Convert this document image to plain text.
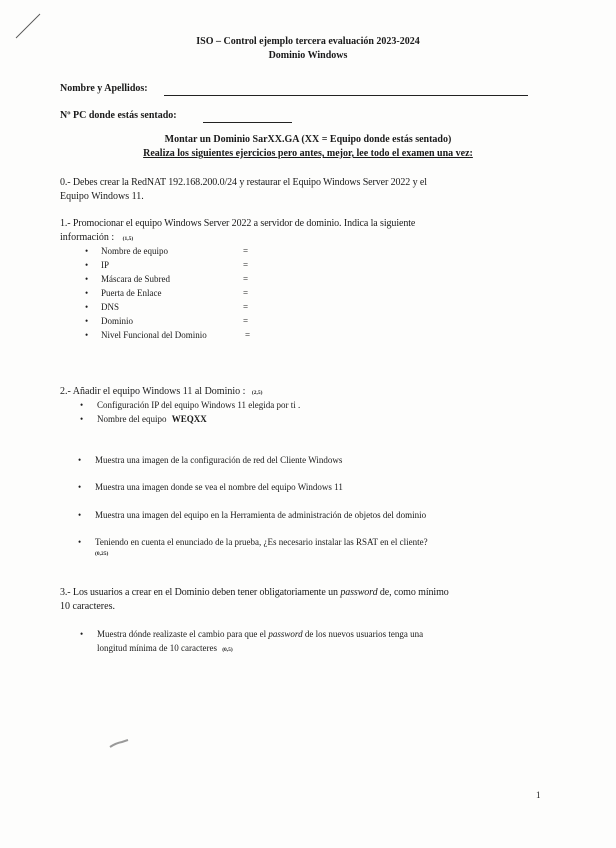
ISO – Control ejemplo tercera evaluación 2023-2024
Dominio Windows
Nombre y Apellidos:
Nº PC donde estás sentado:
Montar un Dominio SarXX.GA (XX = Equipo donde estás sentado)
Realiza los siguientes ejercicios pero antes, mejor, lee todo el examen una vez:
0.- Debes crear la RedNAT 192.168.200.0/24 y restaurar el Equipo Windows Server 2022 y el
Equipo Windows 11.
1.- Promocionar el equipo Windows Server 2022 a servidor de dominio. Indica la siguiente
información : (1,5)
• Nombre de equipo	=
• IP	=
• Máscara de Subred	=
• Puerta de Enlace	=
• DNS	=
• Dominio	=
• Nivel Funcional del Dominio	=
2.- Añadir el equipo Windows 11 al Dominio : (2,5)
• Configuración IP del equipo Windows 11 elegida por ti .
• Nombre del equipo WEQXX
• Muestra una imagen de la configuración de red del Cliente Windows
• Muestra una imagen donde se vea el nombre del equipo Windows 11
• Muestra una imagen del equipo en la Herramienta de administración de objetos del dominio
• Teniendo en cuenta el enunciado de la prueba, ¿Es necesario instalar las RSAT en el cliente?
(0,25)
3.- Los usuarios a crear en el Dominio deben tener obligatoriamente un password de, como mínimo
10 caracteres.
• Muestra dónde realizaste el cambio para que el password de los nuevos usuarios tenga una
longitud mínima de 10 caracteres (0,5)
1
